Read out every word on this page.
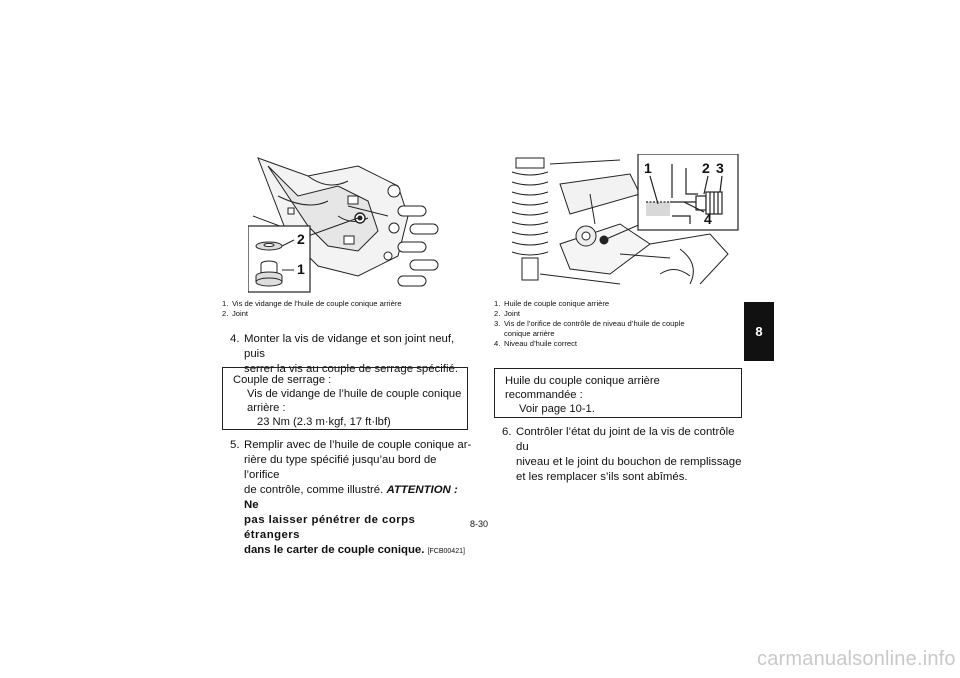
2
1
1. Vis de vidange de l’huile de couple conique arrière
2. Joint
4. Monter la vis de vidange et son joint neuf, puis
serrer la vis au couple de serrage spécifié.
Couple de serrage :
Vis de vidange de l’huile de couple conique
arrière :
23 Nm (2.3 m·kgf, 17 ft·lbf)
5. Remplir avec de l’huile de couple conique ar-
rière du type spécifié jusqu’au bord de l’orifice
de contrôle, comme illustré. ATTENTION : Ne
pas laisser pénétrer de corps étrangers
dans le carter de couple conique. [FCB00421]
1	2 3
4
1. Huile de couple conique arrière
2. Joint
3. Vis de l’orifice de contrôle de niveau d’huile de couple
conique arrière
4. Niveau d’huile correct
Huile du couple conique arrière
recommandée :
Voir page 10-1.
6. Contrôler l’état du joint de la vis de contrôle du
niveau et le joint du bouchon de remplissage
et les remplacer s’ils sont abîmés.
8
8-30
carmanualsonline.info
